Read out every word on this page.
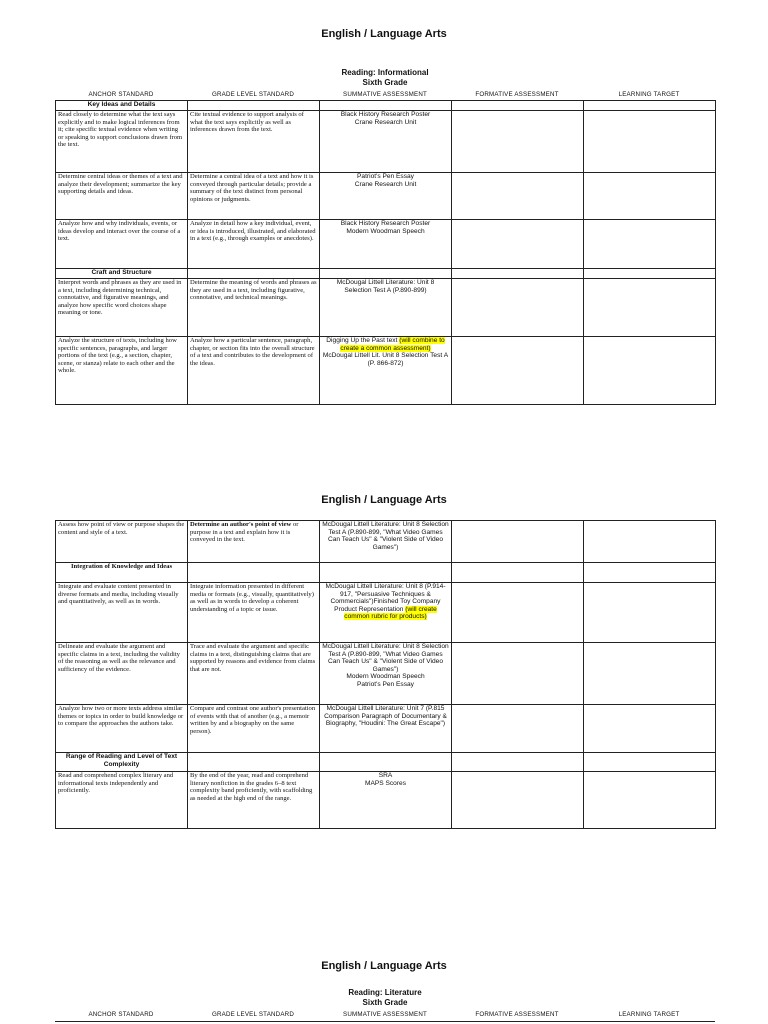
English / Language Arts
Reading: Informational
Sixth Grade
ANCHOR STANDARD	GRADE LEVEL STANDARD	SUMMATIVE ASSESSMENT	FORMATIVE ASSESSMENT	LEARNING TARGET
Key Ideas and Details				
Read closely to determine what the text says explicitly and to make logical inferences from it; cite specific textual evidence when writing or speaking to support conclusions drawn from the text.	Cite textual evidence to support analysis of what the text says explicitly as well as inferences drawn from the text.	Black History Research Poster
Crane Research Unit		

Determine central ideas or themes of a text and analyze their development; summarize the key supporting details and ideas.	Determine a central idea of a text and how it is conveyed through particular details; provide a summary of the text distinct from personal opinions or judgments.	Patriot's Pen Essay
Crane Research Unit		

Analyze how and why individuals, events, or ideas develop and interact over the course of a text.	Analyze in detail how a key individual, event, or idea is introduced, illustrated, and elaborated in a text (e.g., through examples or anecdotes).	Black History Research Poster
Modern Woodman Speech		

Craft and Structure				
Interpret words and phrases as they are used in a text, including determining technical, connotative, and figurative meanings, and analyze how specific word choices shape meaning or tone.	Determine the meaning of words and phrases as they are used in a text, including figurative, connotative, and technical meanings.	McDougal Littell Literature: Unit 8
Selection Test A (P.890-899)		

Analyze the structure of texts, including how specific sentences, paragraphs, and larger portions of the text (e.g., a section, chapter, scene, or stanza) relate to each other and the whole.	Analyze how a particular sentence, paragraph, chapter, or section fits into the overall structure of a text and contributes to the development of the ideas.	Digging Up the Past text (will combine to create a common assessment)
McDougal Littell Lit. Unit 8 Selection Test A (P. 866-872)		

English / Language Arts
Assess how point of view or purpose shapes the content and style of a text.	Determine an author's point of view or purpose in a text and explain how it is conveyed in the text.	McDougal Littell Literature: Unit 8 Selection Test A (P.890-899, "What Video Games Can Teach Us" & "Violent Side of Video Games")		

Integration of Knowledge and Ideas				
Integrate and evaluate content presented in diverse formats and media, including visually and quantitatively, as well as in words.	Integrate information presented in different media or formats (e.g., visually, quantitatively) as well as in words to develop a coherent understanding of a topic or issue.	McDougal Littell Literature: Unit 8 (P.914-917, "Persuasive Techniques & Commercials")Finished Toy Company Product Representation (will create common rubric for products)		
Delineate and evaluate the argument and specific claims in a text, including the validity of the reasoning as well as the relevance and sufficiency of the evidence.	Trace and evaluate the argument and specific claims in a text, distinguishing claims that are supported by reasons and evidence from claims that are not.	McDougal Littell Literature: Unit 8 Selection Test A (P.890-899, "What Video Games Can Teach Us" & "Violent Side of Video Games")
Modern Woodman Speech
Patriot's Pen Essay		

Analyze how two or more texts address similar themes or topics in order to build knowledge or to compare the approaches the authors take.	Compare and contrast one author's presentation of events with that of another (e.g., a memoir written by and a biography on the same person).	McDougal Littell Literature: Unit 7 (P.815 Comparison Paragraph of Documentary & Biography, "Houdini: The Great Escape")		

Range of Reading and Level of Text Complexity				
Read and comprehend complex literary and informational texts independently and proficiently.	By the end of the year, read and comprehend literary nonfiction in the grades 6–8 text complexity band proficiently, with scaffolding as needed at the high end of the range.	SRA
MAPS Scores		

English / Language Arts
Reading: Literature
Sixth Grade
ANCHOR STANDARD	GRADE LEVEL STANDARD	SUMMATIVE ASSESSMENT	FORMATIVE ASSESSMENT	LEARNING TARGET
